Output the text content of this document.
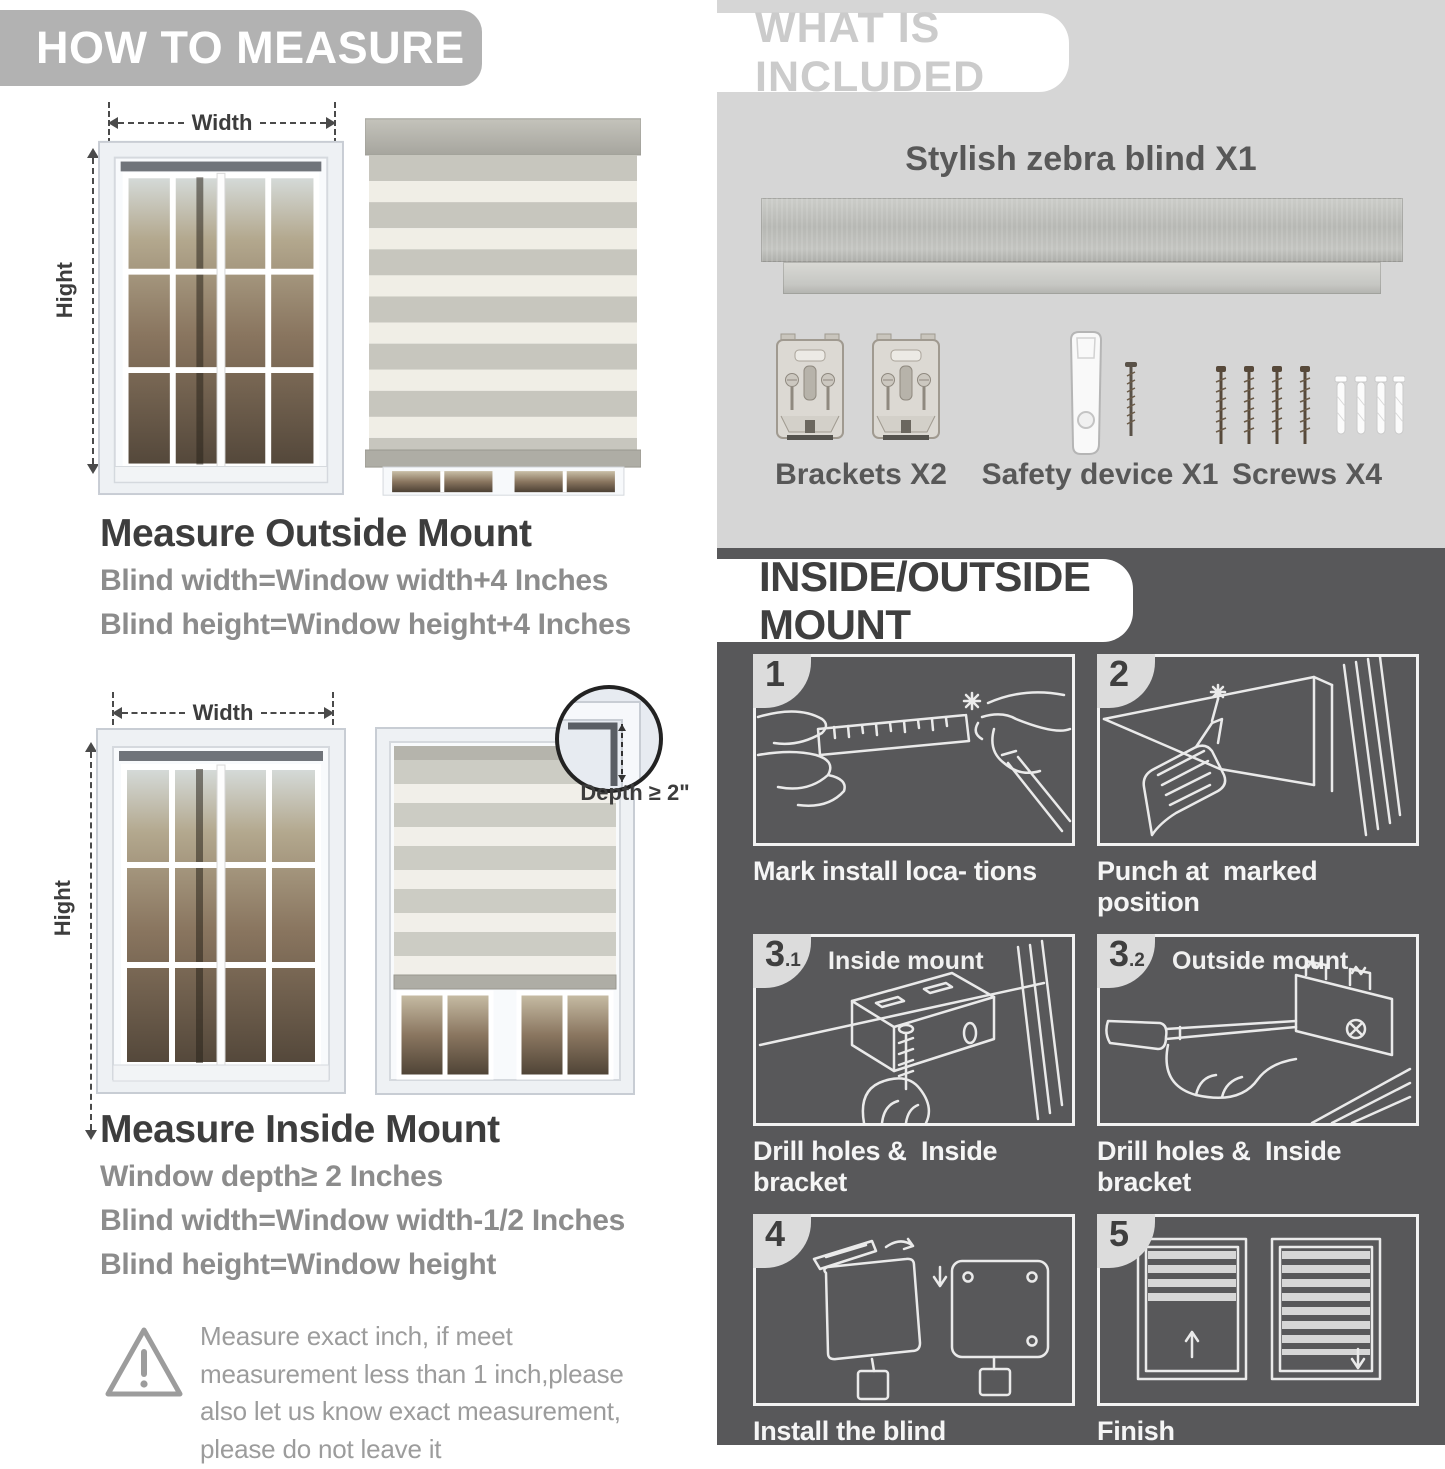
HOW TO MEASURE
Width
Hight
Measure Outside Mount
Blind width=Window width+4 Inches
Blind height=Window height+4 Inches
Width
Hight
Depth ≥ 2"
Measure Inside Mount
Window depth≥ 2 Inches
Blind width=Window width-1/2 Inches
Blind height=Window height
Measure exact inch, if meet measurement less than 1 inch,please also let us know exact measurement, please do not leave it
WHAT IS INCLUDED
Stylish zebra blind X1
Brackets X2	Safety device X1 Screws X4
INSIDE/OUTSIDE MOUNT
1
Mark install loca- tions
2
Punch at  marked position
3 .1 Inside mount
Drill holes &  Inside bracket
3 .2 Outside mount
Drill holes &  Inside bracket
4
Install the blind
5
Finish
